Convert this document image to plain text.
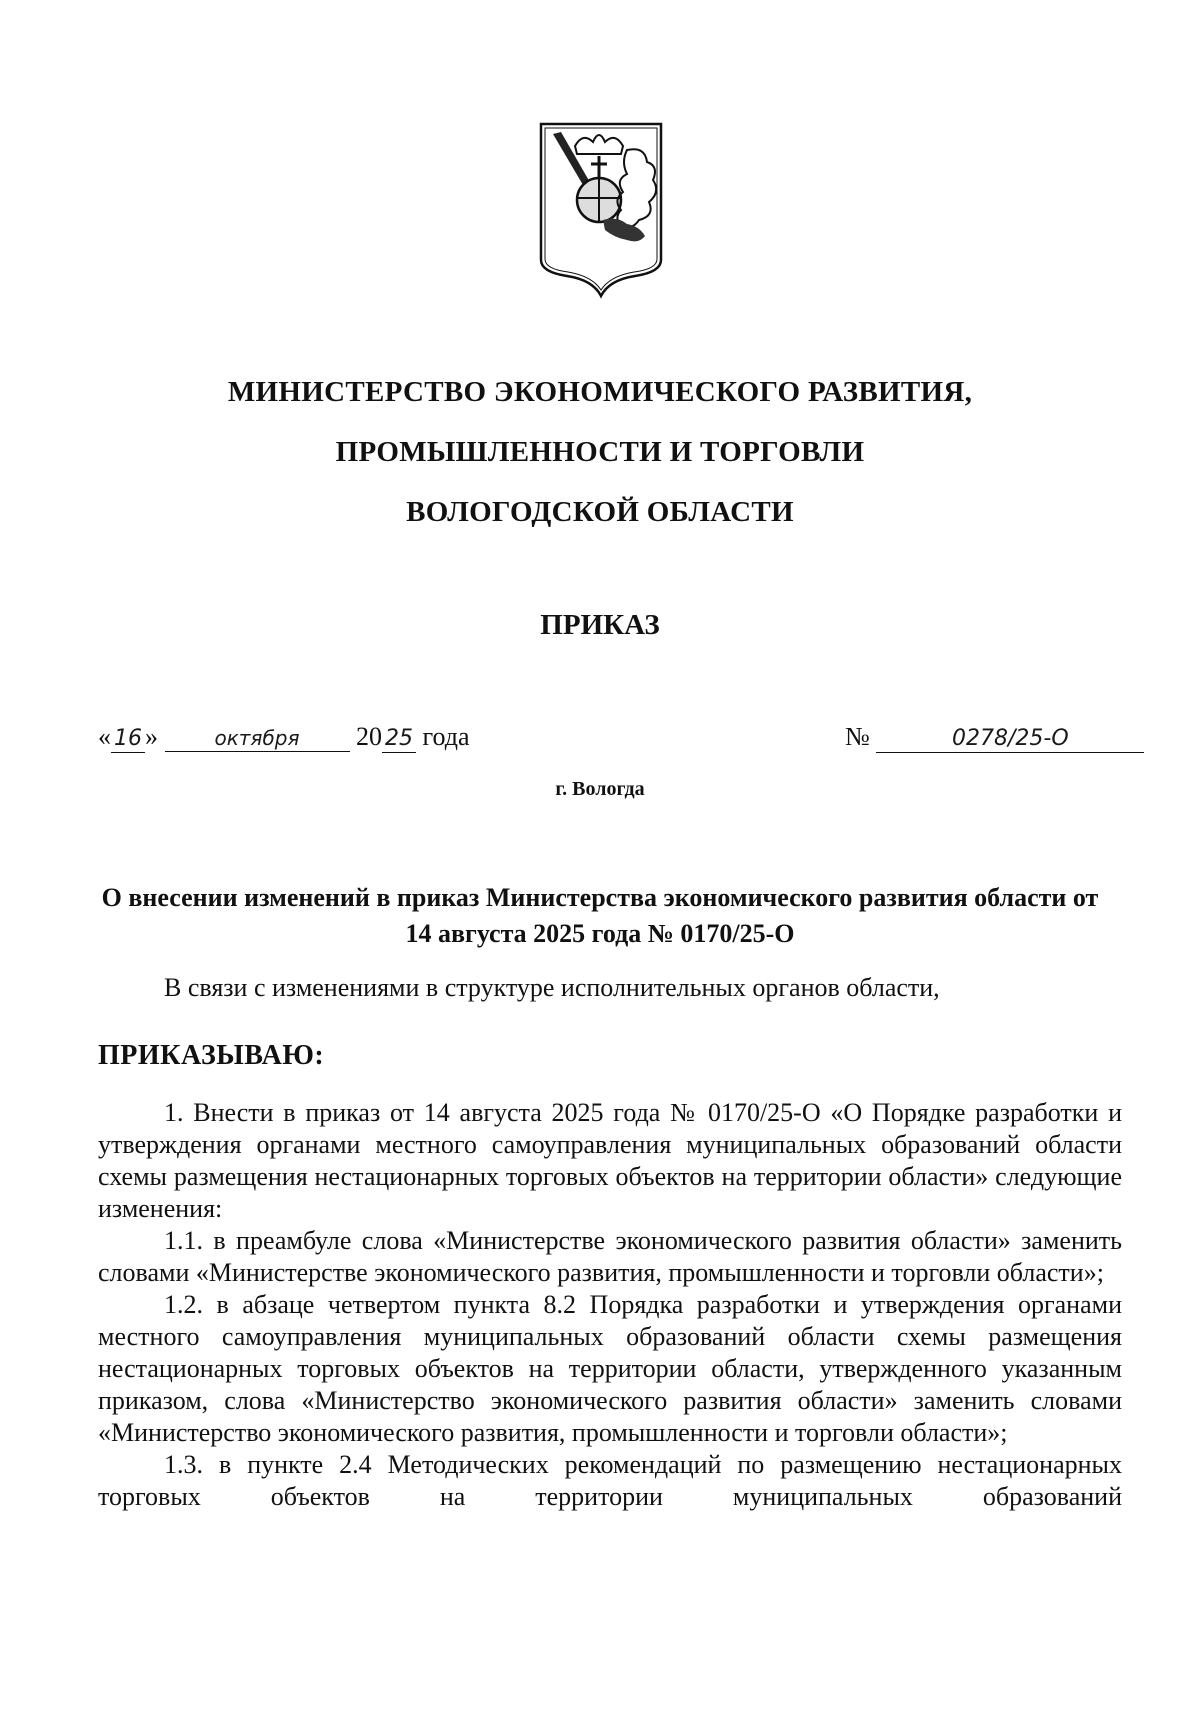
МИНИСТЕРСТВО ЭКОНОМИЧЕСКОГО РАЗВИТИЯ,
ПРОМЫШЛЕННОСТИ И ТОРГОВЛИ
ВОЛОГОДСКОЙ ОБЛАСТИ
ПРИКАЗ
« 16 »	октября 20 25 года	№	0278/25-О
г. Вологда
О внесении изменений в приказ Министерства экономического развития области от 14 августа 2025 года № 0170/25-О
В связи с изменениями в структуре исполнительных органов области,
ПРИКАЗЫВАЮ:

1. Внести в приказ от 14 августа 2025 года № 0170/25-О «О Порядке разработки и утверждения органами местного самоуправления муниципальных образований области схемы размещения нестационарных торговых объектов на территории области» следующие изменения:

1.1. в преамбуле слова «Министерстве экономического развития области» заменить словами «Министерстве экономического развития, промышленности и торговли области»;

1.2. в абзаце четвертом пункта 8.2 Порядка разработки и утверждения органами местного самоуправления муниципальных образований области схемы размещения нестационарных торговых объектов на территории области, утвержденного указанным приказом, слова «Министерство экономического развития области» заменить словами «Министерство экономического развития, промышленности и торговли области»;

1.3. в пункте 2.4 Методических рекомендаций по размещению нестационарных торговых объектов на территории муниципальных образований
